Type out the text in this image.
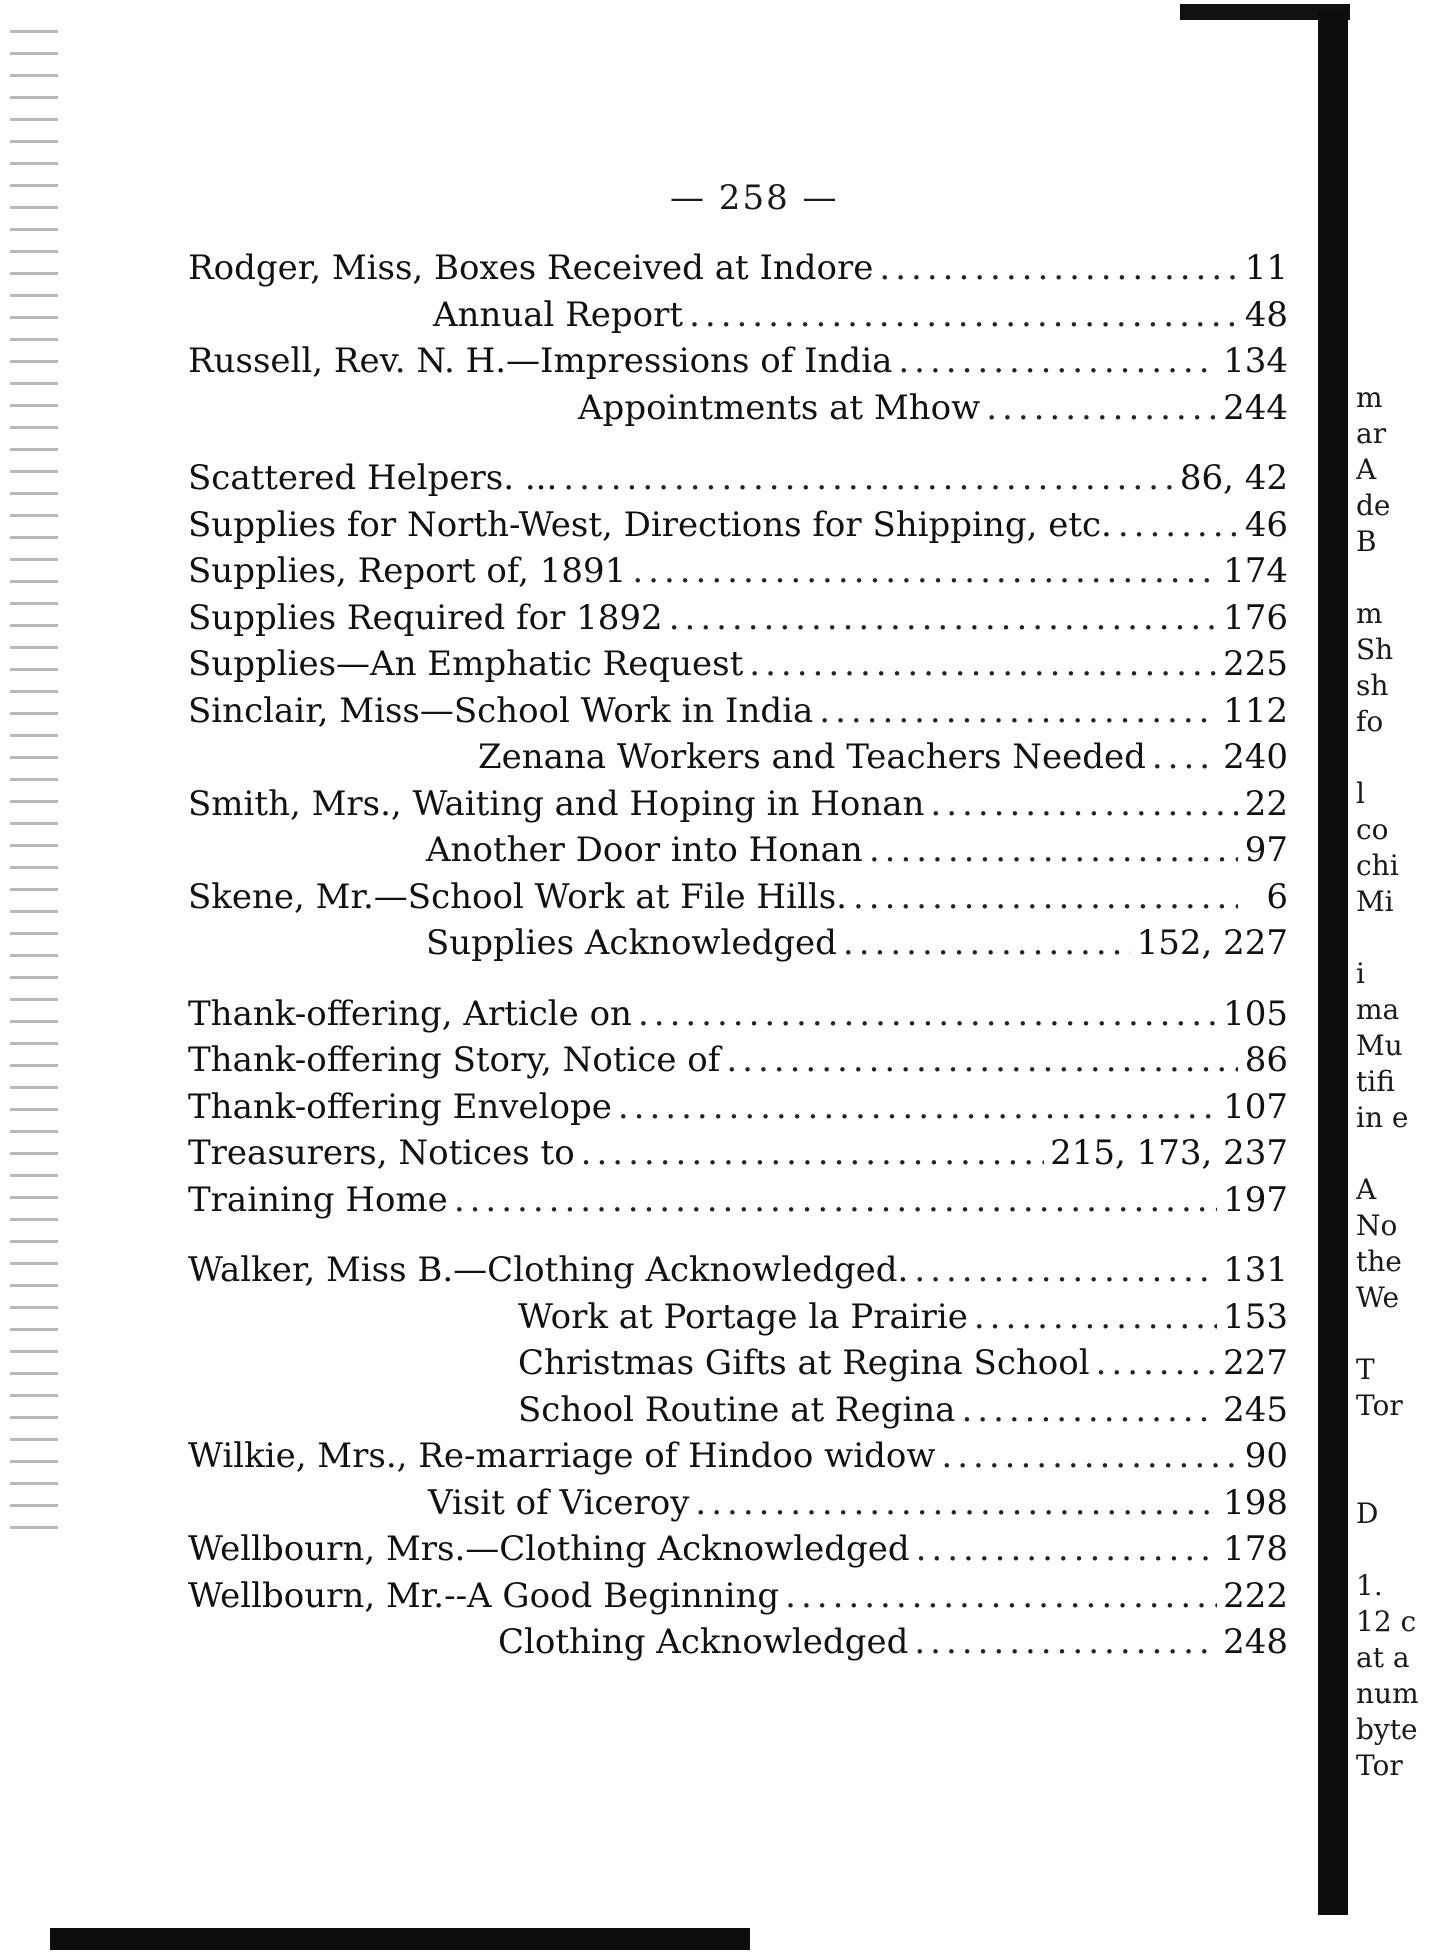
— 258 —
Rodger, Miss, Boxes Received at Indore .....	11
Annual Report .....	48
Russell, Rev. N. H.—Impressions of India .....	134
Appointments at Mhow .....	244
Scattered Helpers. ... .....	86, 42
Supplies for North-West, Directions for Shipping, etc. .....	46
Supplies, Report of, 1891 .....	174
Supplies Required for 1892 .....	176
Supplies—An Emphatic Request .....	225
Sinclair, Miss—School Work in India .....	112
Zenana Workers and Teachers Needed ..... 240
Smith, Mrs., Waiting and Hoping in Honan .....	22
Another Door into Honan .....	97
Skene, Mr.—School Work at File Hills. .....	6
Supplies Acknowledged .....	152, 227
Thank-offering, Article on .....	105
Thank-offering Story, Notice of .....	86
Thank-offering Envelope .....	107
Treasurers, Notices to .....	215, 173, 237
Training Home .....	197
Walker, Miss B.—Clothing Acknowledged. .....	131
Work at Portage la Prairie .....	153
Christmas Gifts at Regina School .....	227
School Routine at Regina .....	245
Wilkie, Mrs., Re-marriage of Hindoo widow .....	90
Visit of Viceroy .....	198
Wellbourn, Mrs.—Clothing Acknowledged .....	178
Wellbourn, Mr.--A Good Beginning .....	222
Clothing Acknowledged .....	248
m
ar
A
de
B
m
Sh
sh
fo
l
co
chi
Mi
i
ma
Mu
tifi
in e
A
No
the
We
T
Tor
D
1.
12 c
at a
num
byte
Tor
